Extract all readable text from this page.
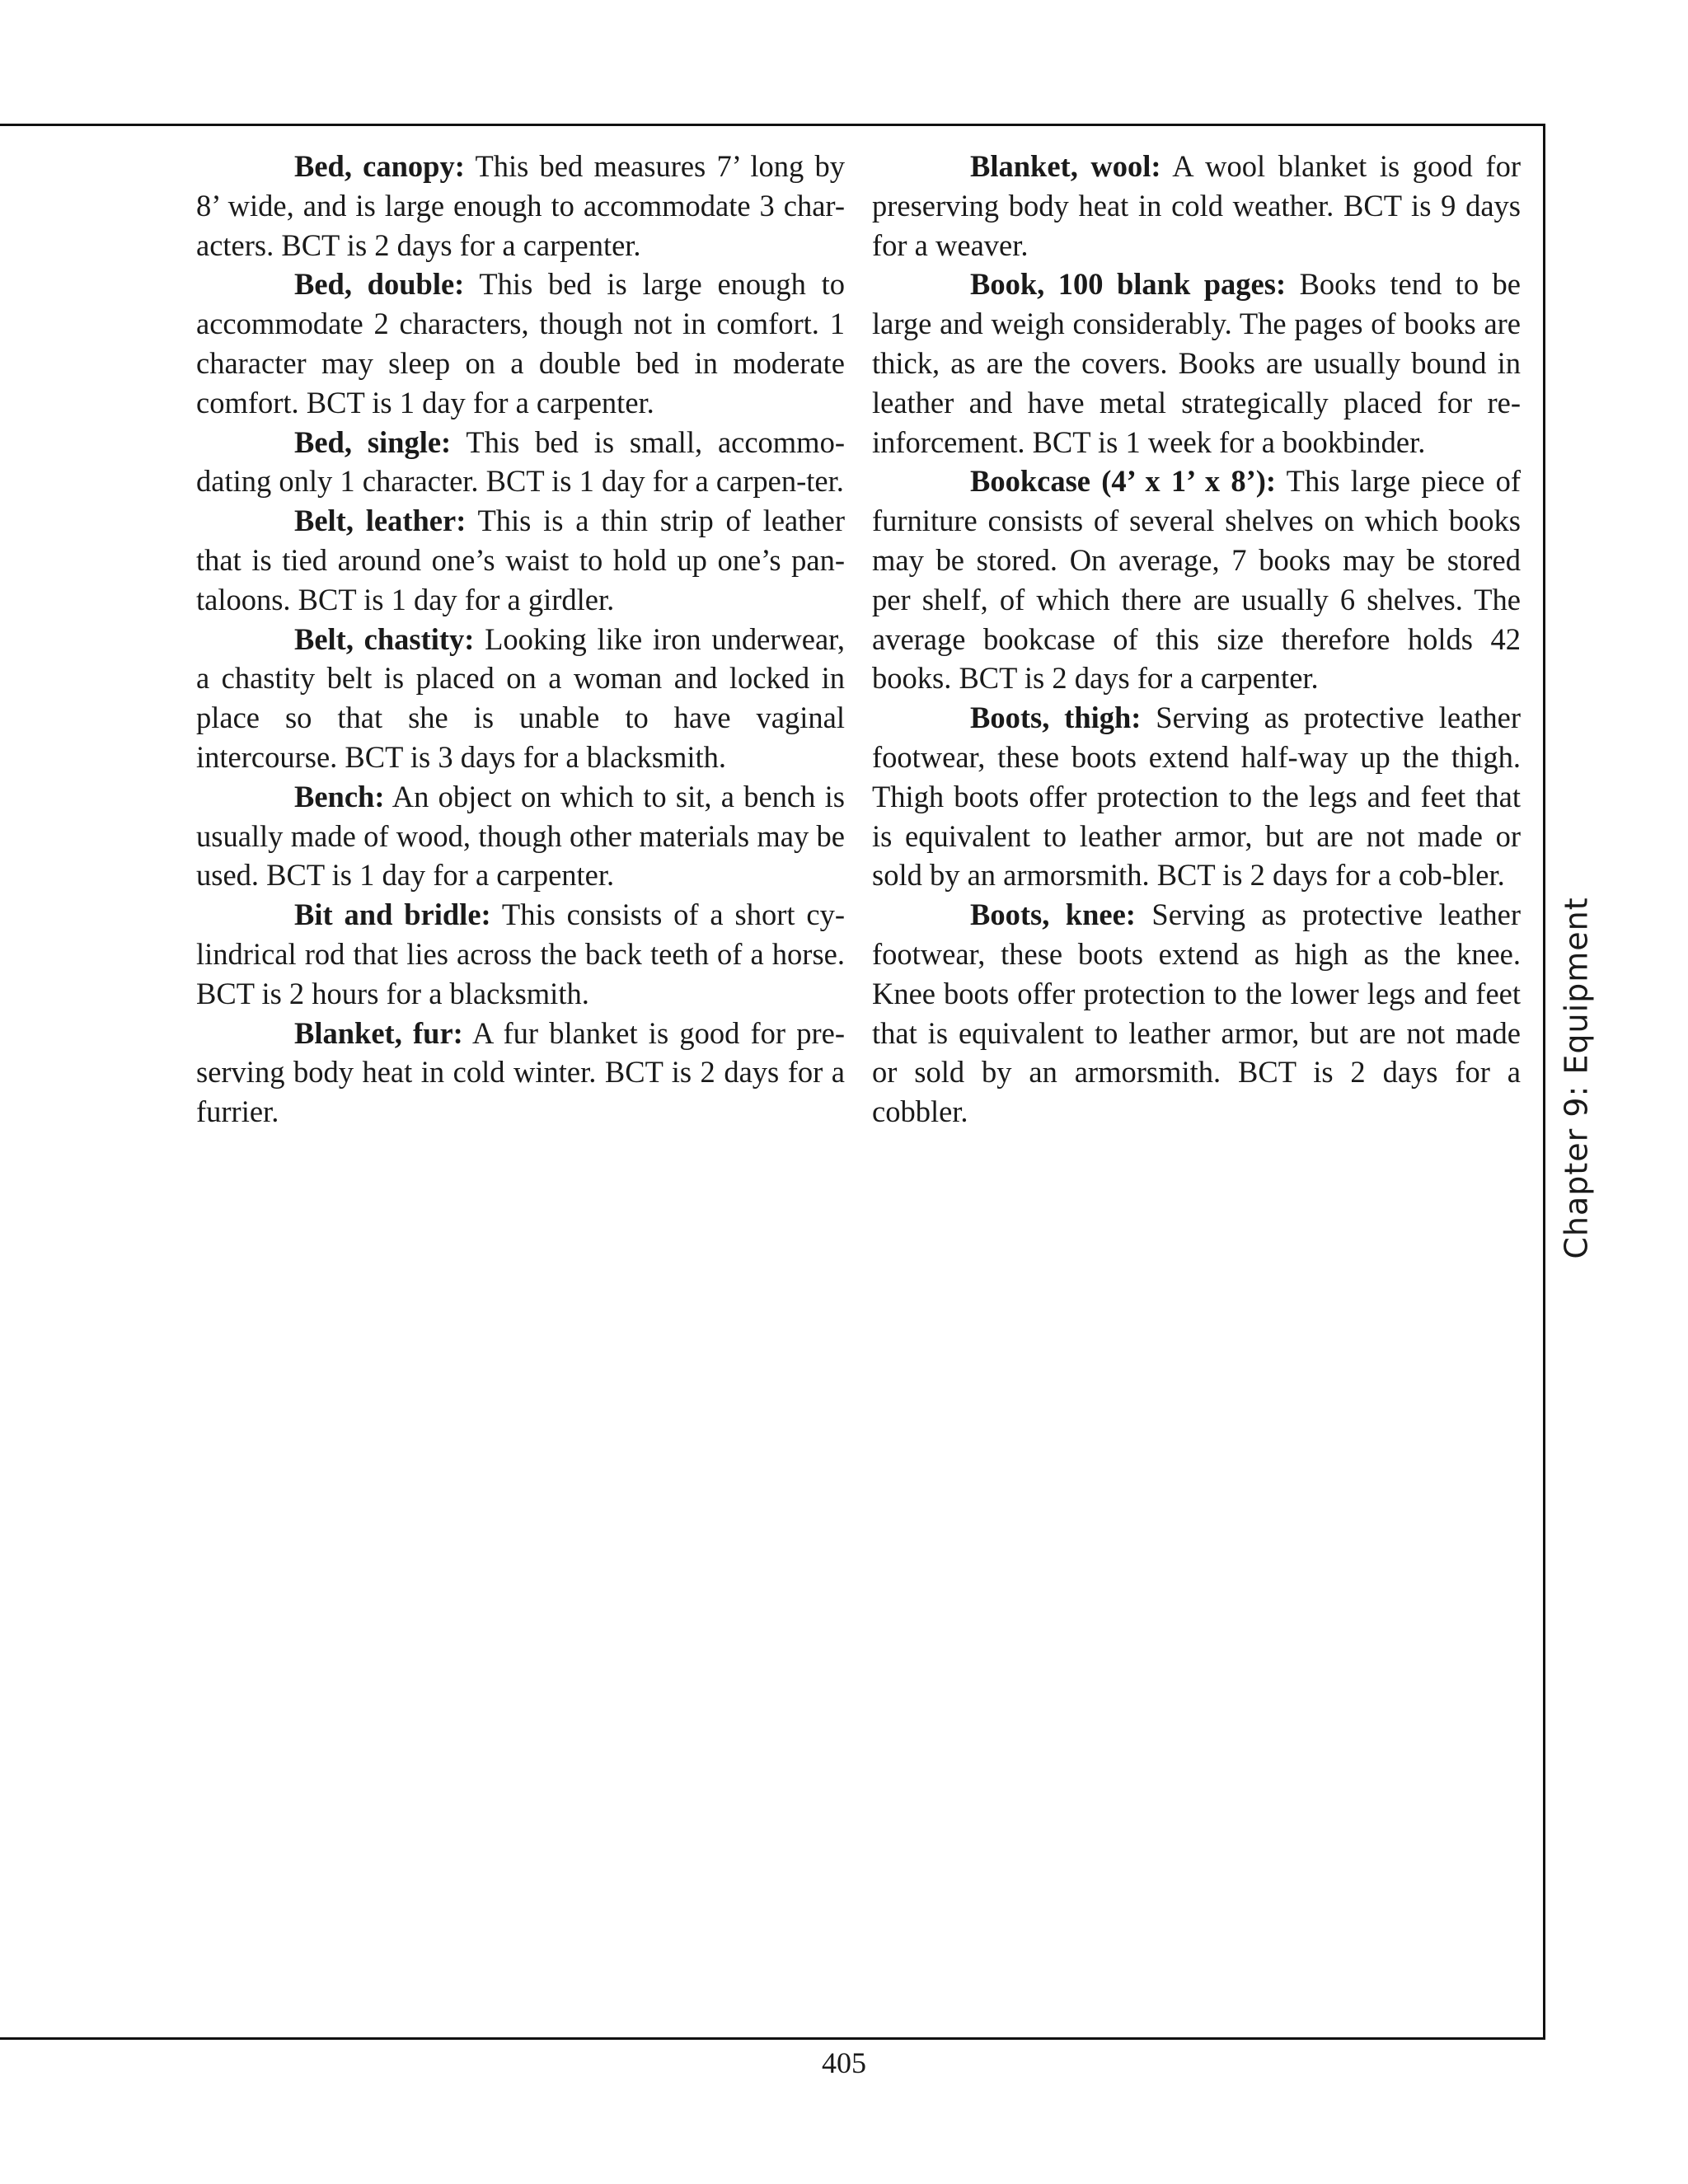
Bed, canopy: This bed measures 7’ long by 8’ wide, and is large enough to accommodate 3 char-acters. BCT is 2 days for a carpenter.

Bed, double: This bed is large enough to accommodate 2 characters, though not in comfort. 1 character may sleep on a double bed in moderate comfort. BCT is 1 day for a carpenter.

Bed, single: This bed is small, accommo-dating only 1 character. BCT is 1 day for a carpen-ter.

Belt, leather: This is a thin strip of leather that is tied around one’s waist to hold up one’s pan-taloons. BCT is 1 day for a girdler.

Belt, chastity: Looking like iron underwear, a chastity belt is placed on a woman and locked in place so that she is unable to have vaginal intercourse. BCT is 3 days for a blacksmith.

Bench: An object on which to sit, a bench is usually made of wood, though other materials may be used. BCT is 1 day for a carpenter.

Bit and bridle: This consists of a short cy-lindrical rod that lies across the back teeth of a horse. BCT is 2 hours for a blacksmith.

Blanket, fur: A fur blanket is good for pre-serving body heat in cold winter. BCT is 2 days for a furrier.

Blanket, wool: A wool blanket is good for preserving body heat in cold weather. BCT is 9 days for a weaver.

Book, 100 blank pages: Books tend to be large and weigh considerably. The pages of books are thick, as are the covers. Books are usually bound in leather and have metal strategically placed for re-inforcement. BCT is 1 week for a bookbinder.

Bookcase (4’ x 1’ x 8’): This large piece of furniture consists of several shelves on which books may be stored. On average, 7 books may be stored per shelf, of which there are usually 6 shelves. The average bookcase of this size therefore holds 42 books. BCT is 2 days for a carpenter.

Boots, thigh: Serving as protective leather footwear, these boots extend half-way up the thigh. Thigh boots offer protection to the legs and feet that is equivalent to leather armor, but are not made or sold by an armorsmith. BCT is 2 days for a cob-bler.

Boots, knee: Serving as protective leather footwear, these boots extend as high as the knee. Knee boots offer protection to the lower legs and feet that is equivalent to leather armor, but are not made or sold by an armorsmith. BCT is 2 days for a cobbler.	Chapter 9: Equipment
405
